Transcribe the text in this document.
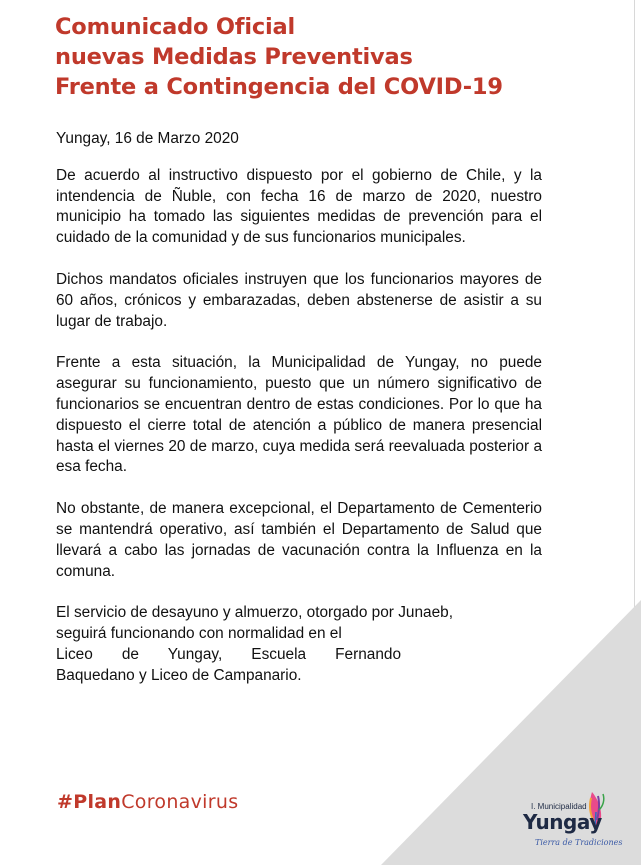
Comunicado Oficial
nuevas Medidas Preventivas
Frente a Contingencia del COVID-19

Yungay, 16 de Marzo 2020

De acuerdo al instructivo dispuesto por el gobierno de Chile, y la intendencia de Ñuble, con fecha 16 de marzo de 2020, nuestro municipio ha tomado las siguientes medidas de prevención para el cuidado de la comunidad y de sus funcionarios municipales.

Dichos mandatos oficiales instruyen que los funcionarios mayores de 60 años, crónicos y embarazadas, deben abstenerse de asistir a su lugar de trabajo.

Frente a esta situación, la Municipalidad de Yungay, no puede asegurar su funcionamiento, puesto que un número significativo de funcionarios se encuentran dentro de estas condiciones. Por lo que ha dispuesto el cierre total de atención a público de manera presencial hasta el viernes 20 de marzo, cuya medida será reevaluada posterior a esa fecha.

No obstante, de manera excepcional, el Departamento de Cementerio se mantendrá operativo, así también el Departamento de Salud que llevará a cabo las jornadas de vacunación contra la Influenza en la comuna.

El servicio de desayuno y almuerzo, otorgado por Junaeb,
seguirá funcionando con normalidad en el
Liceo de Yungay, Escuela Fernando
Baquedano y Liceo de Campanario.

#PlanCoronavirus	I. Municipalidad
Yungay
Tierra de Tradiciones
